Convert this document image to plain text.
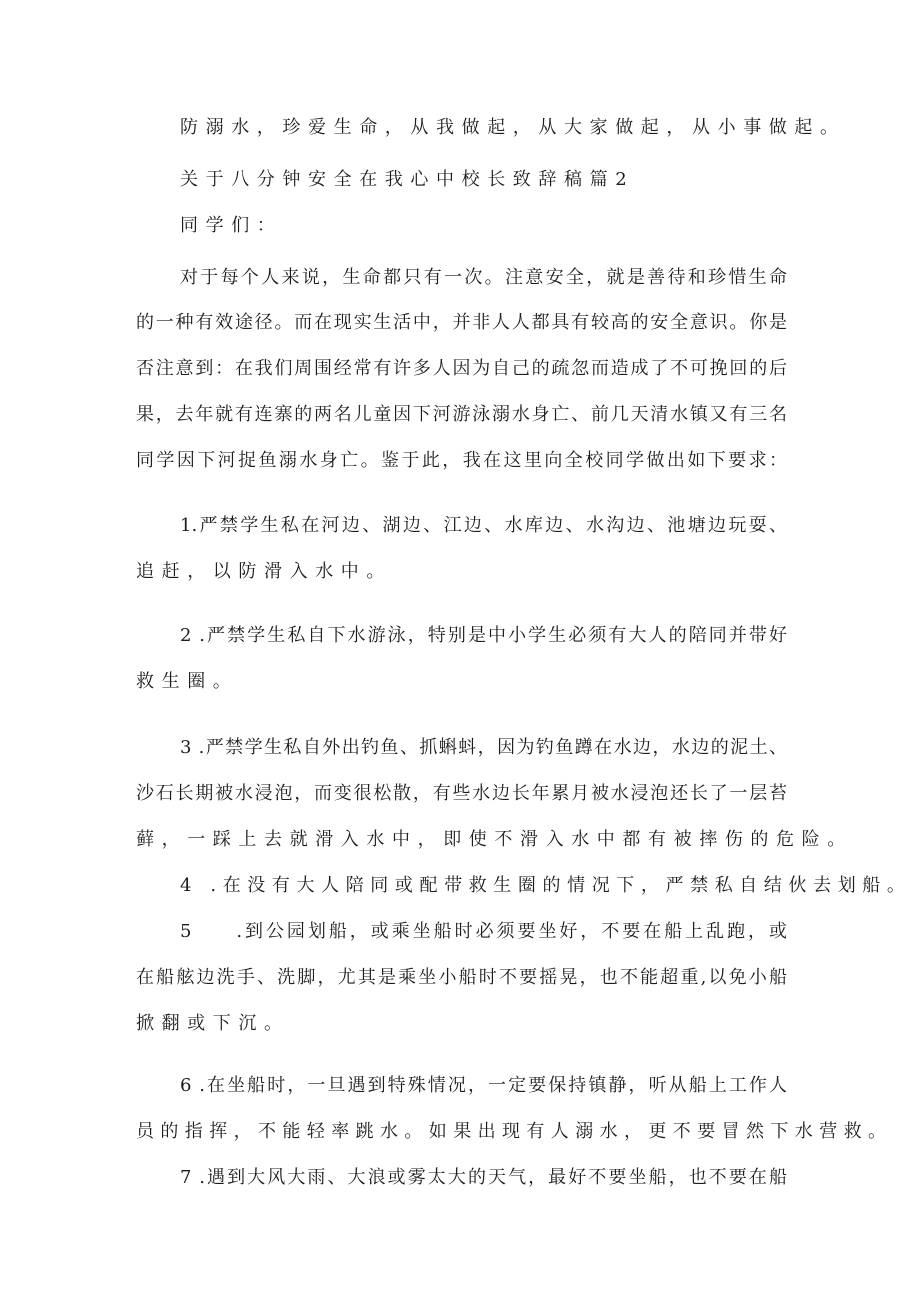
防溺水，珍爱生命，从我做起，从大家做起，从小事做起。
关于八分钟安全在我心中校长致辞稿篇2
同学们：
对于每个人来说，生命都只有一次。注意安全，就是善待和珍惜生命
的一种有效途径。而在现实生活中，并非人人都具有较高的安全意识。你是
否注意到：在我们周围经常有许多人因为自己的疏忽而造成了不可挽回的后
果，去年就有连寨的两名儿童因下河游泳溺水身亡、前几天清水镇又有三名
同学因下河捉鱼溺水身亡。鉴于此，我在这里向全校同学做出如下要求：
1.严禁学生私在河边、湖边、江边、水库边、水沟边、池塘边玩耍、
追赶，以防滑入水中。
2 .严禁学生私自下水游泳，特别是中小学生必须有大人的陪同并带好
救生圈。
3 .严禁学生私自外出钓鱼、抓蝌蚪，因为钓鱼蹲在水边，水边的泥土、
沙石长期被水浸泡，而变很松散，有些水边长年累月被水浸泡还长了一层苔
藓，一踩上去就滑入水中，即使不滑入水中都有被摔伤的危险。
4 .在没有大人陪同或配带救生圈的情况下，严禁私自结伙去划船。
5　　.到公园划船，或乘坐船时必须要坐好，不要在船上乱跑，或
在船舷边洗手、洗脚，尤其是乘坐小船时不要摇晃，也不能超重,以免小船
掀翻或下沉。
6 .在坐船时，一旦遇到特殊情况，一定要保持镇静，听从船上工作人
员的指挥，不能轻率跳水。如果出现有人溺水，更不要冒然下水营救。
7 .遇到大风大雨、大浪或雾太大的天气，最好不要坐船，也不要在船
